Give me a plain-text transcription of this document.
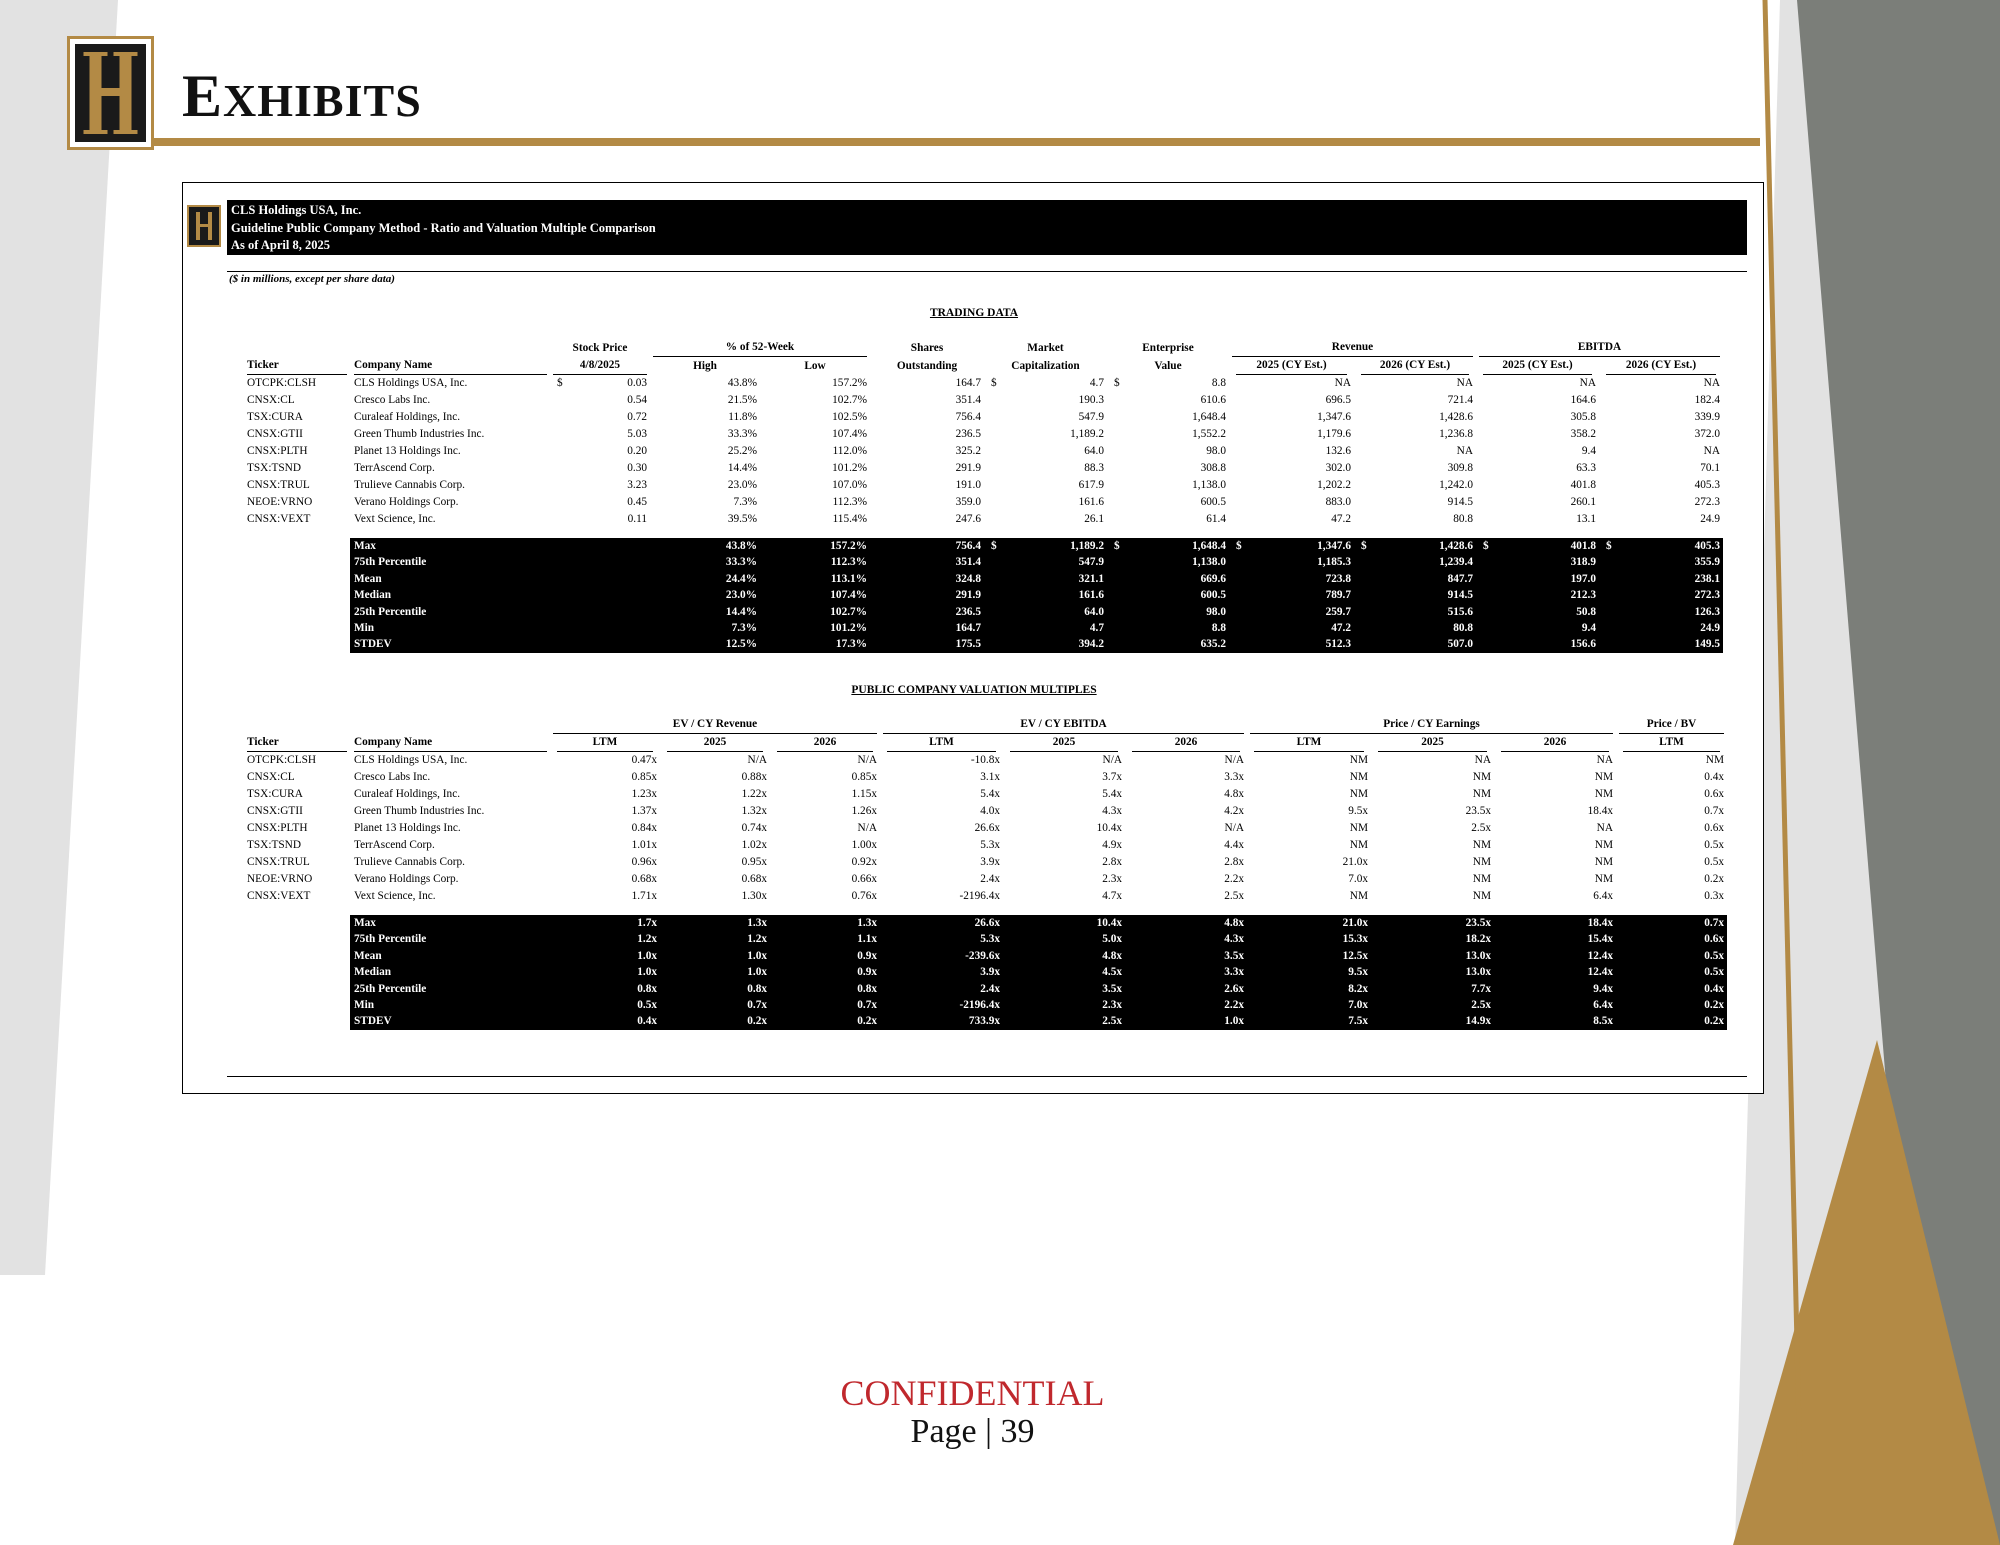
EXHIBITS
CLS Holdings USA, Inc.
Guideline Public Company Method - Ratio and Valuation Multiple Comparison
As of April 8, 2025
($ in millions, except per share data)
TRADING DATA
		Stock Price	% of 52-Week		Shares	Market	Enterprise	Revenue		EBITDA	

Ticker	Company Name	4/8/2025	High	Low	Outstanding	Capitalization	Value	2025 (CY Est.)	2026 (CY Est.)	2025 (CY Est.)	2026 (CY Est.)

OTCPK:CLSH	CLS Holdings USA, Inc.	$ 0.03	43.8%	157.2%	164.7	$ 4.7	$ 8.8	NA	NA	NA	NA
CNSX:CL	Cresco Labs Inc.	0.54	21.5%	102.7%	351.4	190.3	610.6	696.5	721.4	164.6	182.4
TSX:CURA	Curaleaf Holdings, Inc.	0.72	11.8%	102.5%	756.4	547.9	1,648.4	1,347.6	1,428.6	305.8	339.9
CNSX:GTII	Green Thumb Industries Inc.	5.03	33.3%	107.4%	236.5	1,189.2	1,552.2	1,179.6	1,236.8	358.2	372.0
CNSX:PLTH	Planet 13 Holdings Inc.	0.20	25.2%	112.0%	325.2	64.0	98.0	132.6	NA	9.4	NA
TSX:TSND	TerrAscend Corp.	0.30	14.4%	101.2%	291.9	88.3	308.8	302.0	309.8	63.3	70.1
CNSX:TRUL	Trulieve Cannabis Corp.	3.23	23.0%	107.0%	191.0	617.9	1,138.0	1,202.2	1,242.0	401.8	405.3
NEOE:VRNO	Verano Holdings Corp.	0.45	7.3%	112.3%	359.0	161.6	600.5	883.0	914.5	260.1	272.3
CNSX:VEXT	Vext Science, Inc.	0.11	39.5%	115.4%	247.6	26.1	61.4	47.2	80.8	13.1	24.9

	Max		43.8%	157.2%	756.4	$ 1,189.2	$ 1,648.4	$ 1,347.6	$ 1,428.6	$ 401.8	$ 405.3
	75th Percentile		33.3%	112.3%	351.4	547.9	1,138.0	1,185.3	1,239.4	318.9	355.9
	Mean		24.4%	113.1%	324.8	321.1	669.6	723.8	847.7	197.0	238.1
	Median		23.0%	107.4%	291.9	161.6	600.5	789.7	914.5	212.3	272.3
	25th Percentile		14.4%	102.7%	236.5	64.0	98.0	259.7	515.6	50.8	126.3
	Min		7.3%	101.2%	164.7	4.7	8.8	47.2	80.8	9.4	24.9
	STDEV		12.5%	17.3%	175.5	394.2	635.2	512.3	507.0	156.6	149.5
PUBLIC COMPANY VALUATION MULTIPLES

		EV / CY Revenue			EV / CY EBITDA			Price / CY Earnings			Price / BV

Ticker	Company Name	LTM	2025	2026	LTM	2025	2026	LTM	2025	2026	LTM

OTCPK:CLSH	CLS Holdings USA, Inc.	0.47x	N/A	N/A	-10.8x	N/A	N/A	NM	NA	NA	NM
CNSX:CL	Cresco Labs Inc.	0.85x	0.88x	0.85x	3.1x	3.7x	3.3x	NM	NM	NM	0.4x
TSX:CURA	Curaleaf Holdings, Inc.	1.23x	1.22x	1.15x	5.4x	5.4x	4.8x	NM	NM	NM	0.6x
CNSX:GTII	Green Thumb Industries Inc.	1.37x	1.32x	1.26x	4.0x	4.3x	4.2x	9.5x	23.5x	18.4x	0.7x
CNSX:PLTH	Planet 13 Holdings Inc.	0.84x	0.74x	N/A	26.6x	10.4x	N/A	NM	2.5x	NA	0.6x
TSX:TSND	TerrAscend Corp.	1.01x	1.02x	1.00x	5.3x	4.9x	4.4x	NM	NM	NM	0.5x
CNSX:TRUL	Trulieve Cannabis Corp.	0.96x	0.95x	0.92x	3.9x	2.8x	2.8x	21.0x	NM	NM	0.5x
NEOE:VRNO	Verano Holdings Corp.	0.68x	0.68x	0.66x	2.4x	2.3x	2.2x	7.0x	NM	NM	0.2x
CNSX:VEXT	Vext Science, Inc.	1.71x	1.30x	0.76x	-2196.4x	4.7x	2.5x	NM	NM	6.4x	0.3x

	Max	1.7x	1.3x	1.3x	26.6x	10.4x	4.8x	21.0x	23.5x	18.4x	0.7x
	75th Percentile	1.2x	1.2x	1.1x	5.3x	5.0x	4.3x	15.3x	18.2x	15.4x	0.6x
	Mean	1.0x	1.0x	0.9x	-239.6x	4.8x	3.5x	12.5x	13.0x	12.4x	0.5x
	Median	1.0x	1.0x	0.9x	3.9x	4.5x	3.3x	9.5x	13.0x	12.4x	0.5x
	25th Percentile	0.8x	0.8x	0.8x	2.4x	3.5x	2.6x	8.2x	7.7x	9.4x	0.4x
	Min	0.5x	0.7x	0.7x	-2196.4x	2.3x	2.2x	7.0x	2.5x	6.4x	0.2x
	STDEV	0.4x	0.2x	0.2x	733.9x	2.5x	1.0x	7.5x	14.9x	8.5x	0.2x
CONFIDENTIAL
Page | 39
